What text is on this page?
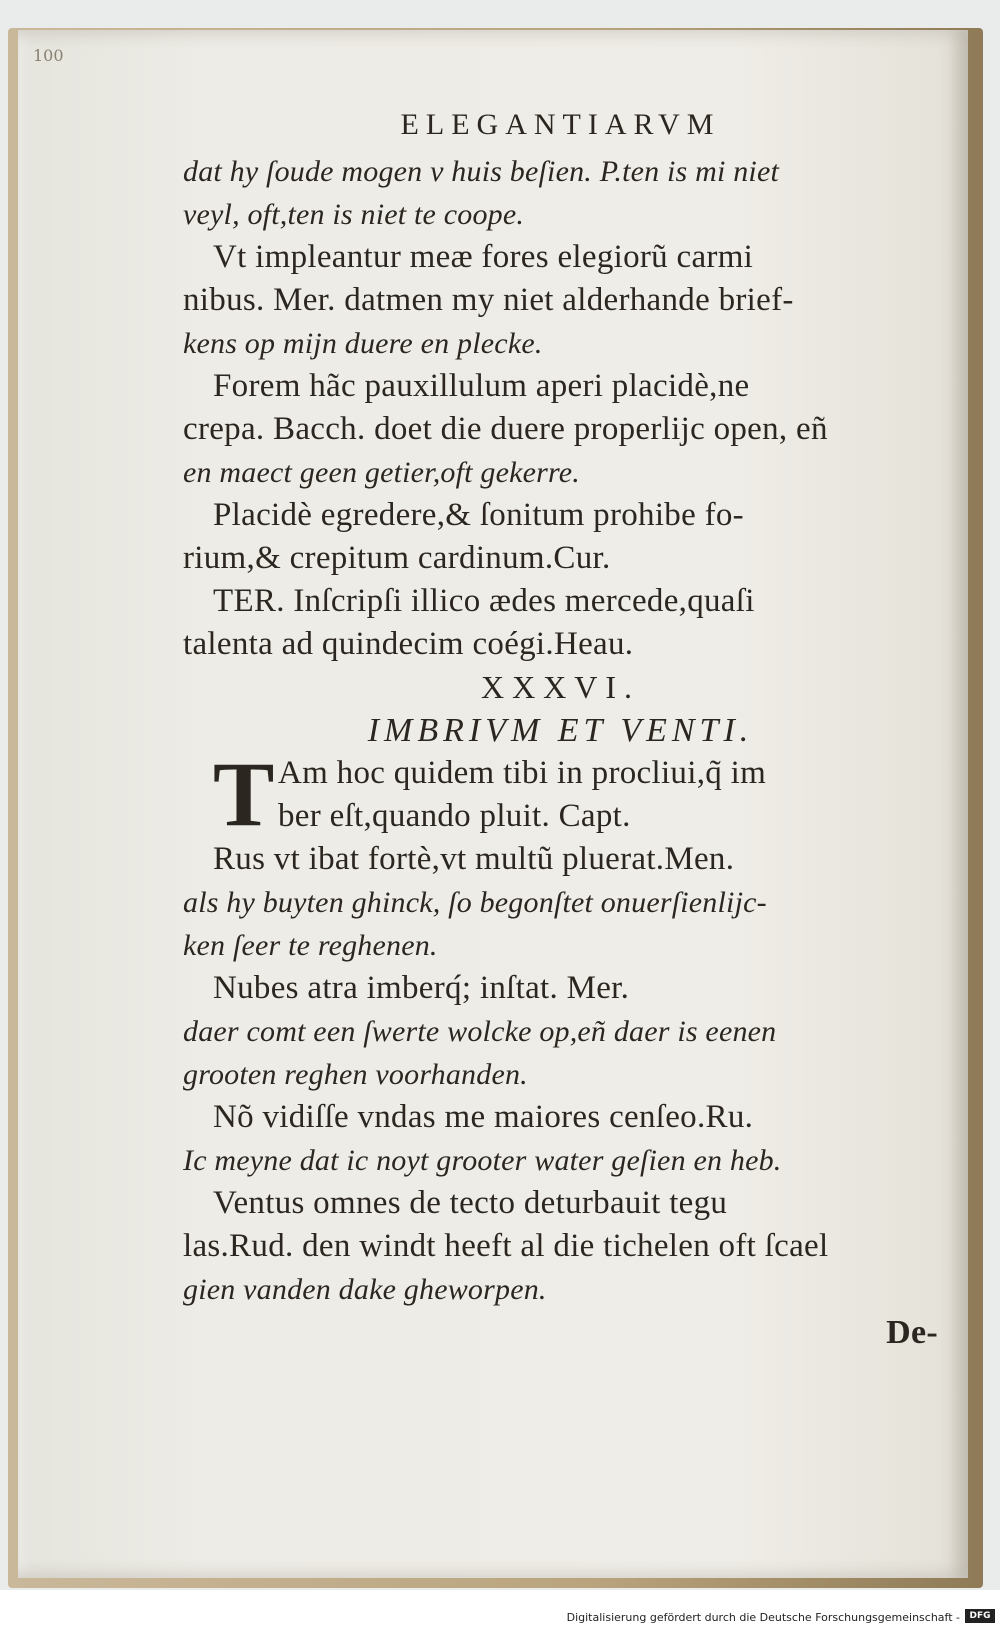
100
ELEGANTIARVM
dat hy ſoude mogen v huis beſien. P.ten is mi niet
veyl, oft,ten is niet te coope.
Vt impleantur meæ fores elegiorũ carmi
nibus. Mer. datmen my niet alderhande brief-
kens op mijn duere en plecke.
Forem hãc pauxillulum aperi placidè,ne
crepa. Bacch. doet die duere properlijc open, eñ
en maect geen getier,oft gekerre.
Placidè egredere,& ſonitum prohibe fo-
rium,& crepitum cardinum.Cur.
TER. Inſcripſi illico ædes mercede,quaſi
talenta ad quindecim coégi.Heau.
XXXVI.
IMBRIVM ET VENTI.
T Am hoc quidem tibi in procliui,q̃ im
ber eſt,quando pluit. Capt.
Rus vt ibat fortè,vt multũ pluerat.Men.
als hy buyten ghinck, ſo begonſtet onuerſienlijc-
ken ſeer te reghenen.
Nubes atra imberq́; inſtat. Mer.
daer comt een ſwerte wolcke op,eñ daer is eenen
grooten reghen voorhanden.
Nõ vidiſſe vndas me maiores cenſeo.Ru.
Ic meyne dat ic noyt grooter water geſien en heb.
Ventus omnes de tecto deturbauit tegu
las.Rud. den windt heeft al die tichelen oft ſcael
gien vanden dake gheworpen.
De-
Digitalisierung gefördert durch die Deutsche Forschungsgemeinschaft -	DFG
